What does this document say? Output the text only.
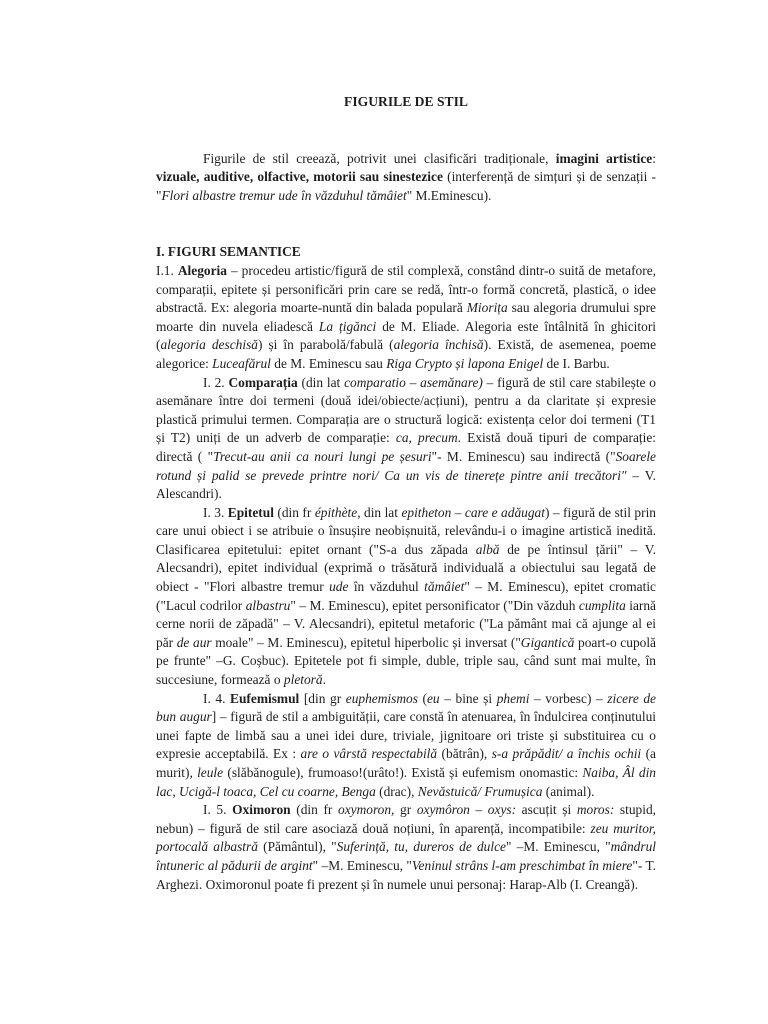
FIGURILE DE STIL

Figurile de stil creează, potrivit unei clasificări tradiționale, imagini artistice: vizuale, auditive, olfactive, motorii sau sinestezice (interferență de simțuri și de senzații - "Flori albastre tremur ude în văzduhul tămâiet" M.Eminescu).

I. FIGURI SEMANTICE

I.1. Alegoria – procedeu artistic/figură de stil complexă, constând dintr-o suită de metafore, comparații, epitete și personificări prin care se redă, într-o formă concretă, plastică, o idee abstractă. Ex: alegoria moarte-nuntă din balada populară Miorița sau alegoria drumului spre moarte din nuvela eliadescă La țigănci de M. Eliade. Alegoria este întâlnită în ghicitori (alegoria deschisă) și în parabolă/fabulă (alegoria închisă). Există, de asemenea, poeme alegorice: Luceafărul de M. Eminescu sau Riga Crypto și lapona Enigel de I. Barbu.

I. 2. Comparația (din lat comparatio – asemănare) – figură de stil care stabilește o asemănare între doi termeni (două idei/obiecte/acțiuni), pentru a da claritate și expresie plastică primului termen. Comparația are o structură logică: existența celor doi termeni (T1 și T2) uniți de un adverb de comparație: ca, precum. Există două tipuri de comparație: directă ( "Trecut-au anii ca nouri lungi pe șesuri"- M. Eminescu) sau indirectă ("Soarele rotund și palid se prevede printre nori/ Ca un vis de tinerețe pintre anii trecători" – V. Alescandri).

I. 3. Epitetul (din fr épithète, din lat epitheton – care e adăugat) – figură de stil prin care unui obiect i se atribuie o însușire neobișnuită, relevându-i o imagine artistică inedită. Clasificarea epitetului: epitet ornant ("S-a dus zăpada albă de pe întinsul țării" – V. Alecsandri), epitet individual (exprimă o trăsătură individuală a obiectului sau legată de obiect - "Flori albastre tremur ude în văzduhul tămâiet" – M. Eminescu), epitet cromatic ("Lacul codrilor albastru" – M. Eminescu), epitet personificator ("Din văzduh cumplita iarnă cerne norii de zăpadă" – V. Alecsandri), epitetul metaforic ("La pământ mai că ajunge al ei păr de aur moale" – M. Eminescu), epitetul hiperbolic și inversat ("Gigantică poart-o cupolă pe frunte" –G. Coșbuc). Epitetele pot fi simple, duble, triple sau, când sunt mai multe, în succesiune, formează o pletoră.

I. 4. Eufemismul [din gr euphemismos (eu – bine și phemi – vorbesc) – zicere de bun augur] – figură de stil a ambiguității, care constă în atenuarea, în îndulcirea conținutului unei fapte de limbă sau a unei idei dure, triviale, jignitoare ori triste și substituirea cu o expresie acceptabilă. Ex : are o vârstă respectabilă (bătrân), s-a prăpădit/ a închis ochii (a murit), leule (slăbănogule), frumoaso!(urâto!). Există și eufemism onomastic: Naiba, Âl din lac, Ucigă-l toaca, Cel cu coarne, Benga (drac), Nevăstuică/ Frumușica (animal).

I. 5. Oximoron (din fr oxymoron, gr oxymôron – oxys: ascuțit și moros: stupid, nebun) – figură de stil care asociază două noțiuni, în aparență, incompatibile: zeu muritor, portocală albastră (Pământul), "Suferință, tu, dureros de dulce" –M. Eminescu, "mândrul întuneric al pădurii de argint" –M. Eminescu, "Veninul strâns l-am preschimbat în miere"- T. Arghezi. Oximoronul poate fi prezent și în numele unui personaj: Harap-Alb (I. Creangă).
